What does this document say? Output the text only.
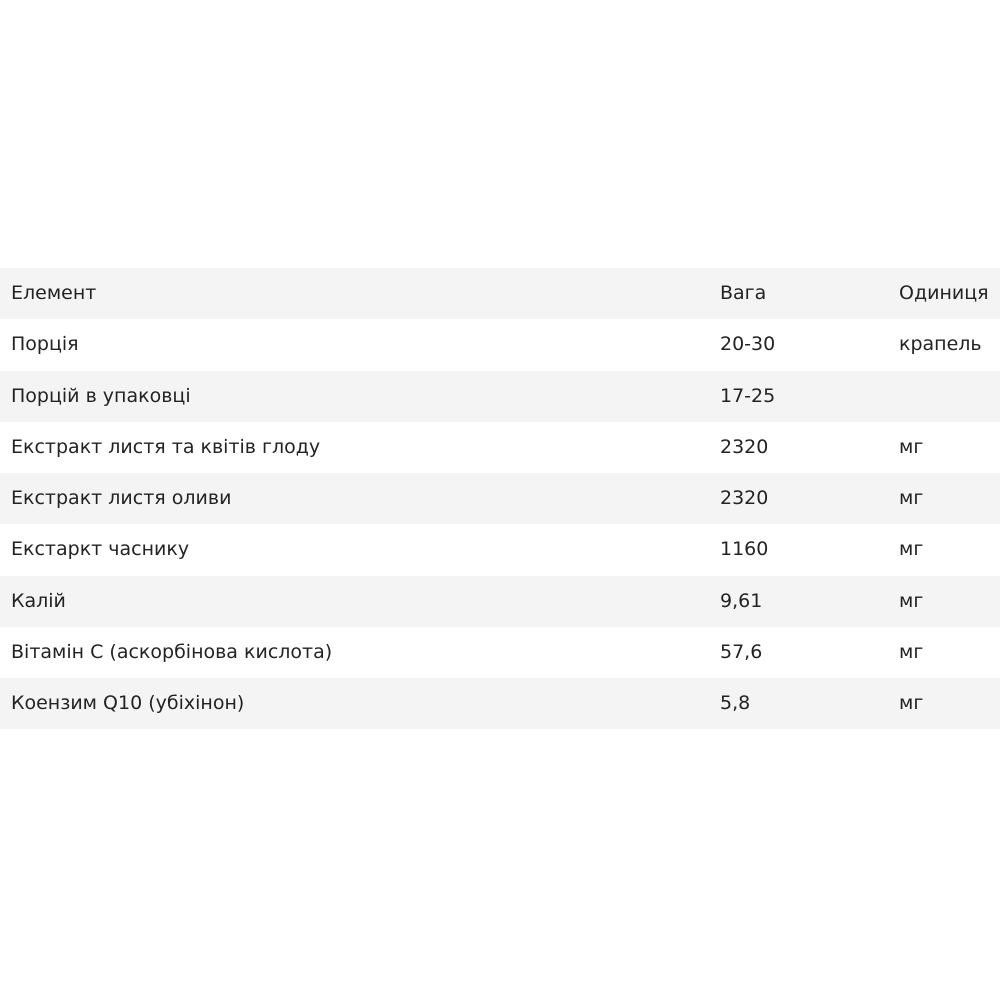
Елемент	Вага	Одиниця
Порція	20-30	крапель
Порцій в упаковці	17-25
Екстракт листя та квітів глоду	2320	мг
Екстракт листя оливи	2320	мг
Екстаркт часнику	1160	мг
Калій	9,61	мг
Вітамін С (аскорбінова кислота)	57,6	мг
Коензим Q10 (убіхінон)	5,8	мг
